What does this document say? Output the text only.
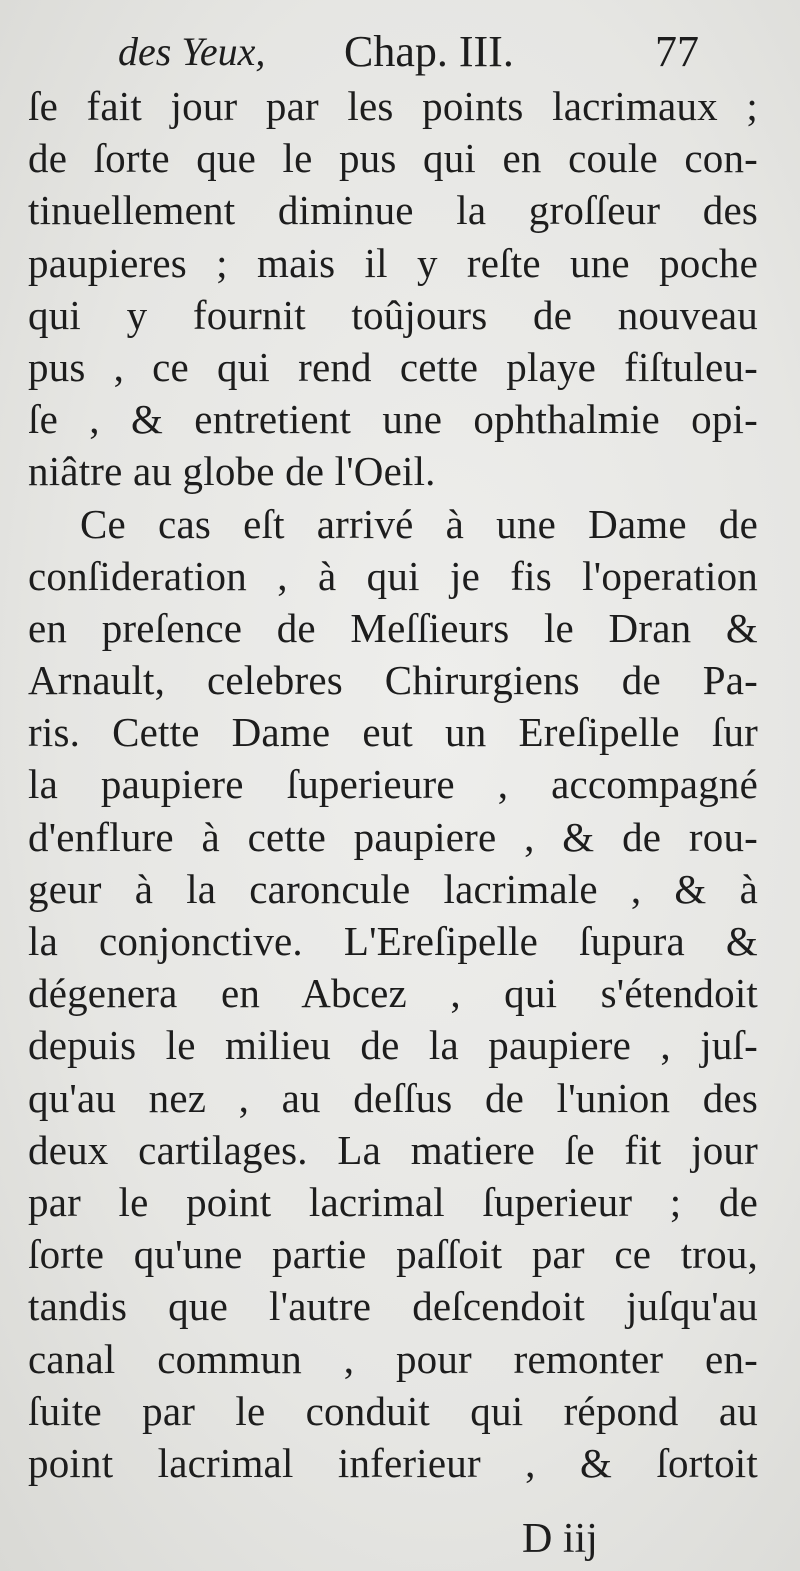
des Yeux, Chap. III.	77
ſe fait jour par les points lacrimaux ;
de ſorte que le pus qui en coule con-
tinuellement diminue la groſſeur des
paupieres ; mais il y reſte une poche
qui y fournit toûjours de nouveau
pus , ce qui rend cette playe fiſtuleu-
ſe , & entretient une ophthalmie opi-
niâtre au globe de l'Oeil.
Ce cas eſt arrivé à une Dame de
conſideration , à qui je fis l'operation
en preſence de Meſſieurs le Dran &
Arnault, celebres Chirurgiens de Pa-
ris. Cette Dame eut un Ereſipelle ſur
la paupiere ſuperieure , accompagné
d'enflure à cette paupiere , & de rou-
geur à la caroncule lacrimale , & à
la conjonctive. L'Ereſipelle ſupura &
dégenera en Abcez , qui s'étendoit
depuis le milieu de la paupiere , juſ-
qu'au nez , au deſſus de l'union des
deux cartilages. La matiere ſe fit jour
par le point lacrimal ſuperieur ; de
ſorte qu'une partie paſſoit par ce trou,
tandis que l'autre deſcendoit juſqu'au
canal commun , pour remonter en-
ſuite par le conduit qui répond au
point lacrimal inferieur , & ſortoit
D iij
